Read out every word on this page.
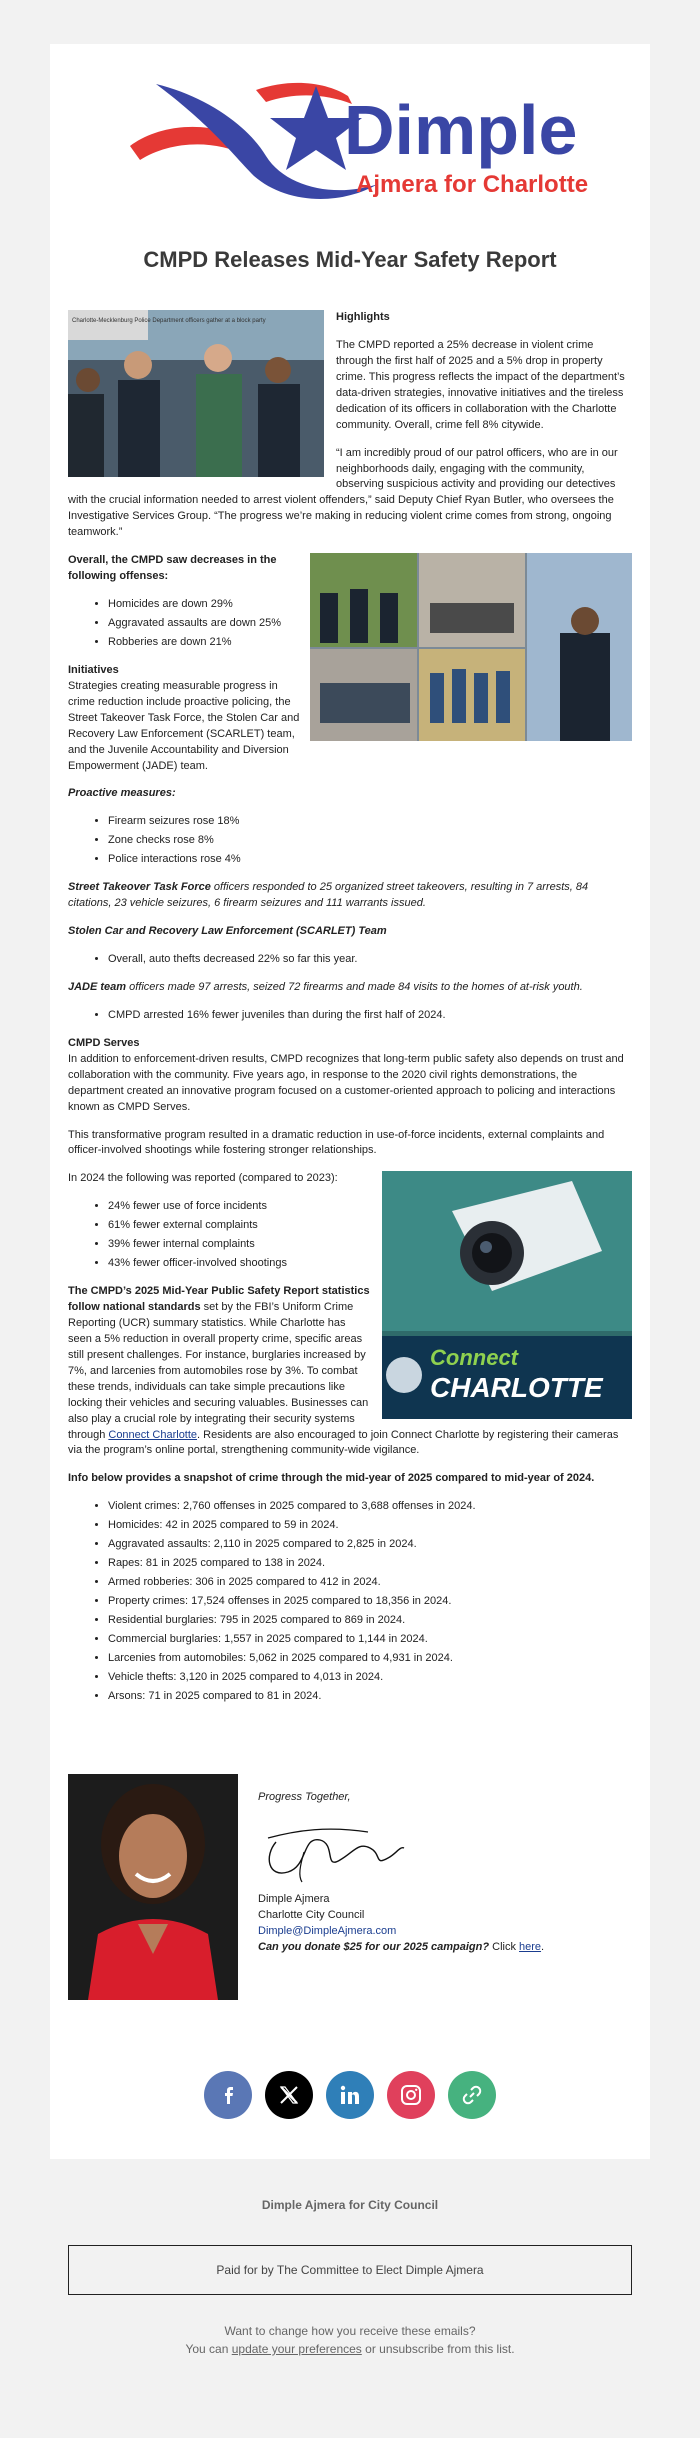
Dimple
Ajmera for Charlotte
CMPD Releases Mid-Year Safety Report
Charlotte-Mecklenburg Police Department officers gather at a block party	Highlights

The CMPD reported a 25% decrease in violent crime through the first half of 2025 and a 5% drop in property crime. This progress reflects the impact of the department’s data-driven strategies, innovative initiatives and the tireless dedication of its officers in collaboration with the Charlotte community. Overall, crime fell 8% citywide.

“I am incredibly proud of our patrol officers, who are in our neighborhoods daily, engaging with the community, observing suspicious activity and providing our detectives with the crucial information needed to arrest violent offenders,” said Deputy Chief Ryan Butler, who oversees the Investigative Services Group. “The progress we’re making in reducing violent crime comes from strong, ongoing teamwork.”

Overall, the CMPD saw decreases in the following offenses:

• Homicides are down 29%
• Aggravated assaults are down 25%
• Robberies are down 21%

Initiatives
Strategies creating measurable progress in crime reduction include proactive policing, the Street Takeover Task Force, the Stolen Car and Recovery Law Enforcement (SCARLET) team, and the Juvenile Accountability and Diversion Empowerment (JADE) team.

Proactive measures:

• Firearm seizures rose 18%
• Zone checks rose 8%
• Police interactions rose 4%

Street Takeover Task Force officers responded to 25 organized street takeovers, resulting in 7 arrests, 84 citations, 23 vehicle seizures, 6 firearm seizures and 111 warrants issued.

Stolen Car and Recovery Law Enforcement (SCARLET) Team

• Overall, auto thefts decreased 22% so far this year.

JADE team officers made 97 arrests, seized 72 firearms and made 84 visits to the homes of at-risk youth.

• CMPD arrested 16% fewer juveniles than during the first half of 2024.

CMPD Serves
In addition to enforcement-driven results, CMPD recognizes that long-term public safety also depends on trust and collaboration with the community. Five years ago, in response to the 2020 civil rights demonstrations, the department created an innovative program focused on a customer-oriented approach to policing and interactions known as CMPD Serves.

This transformative program resulted in a dramatic reduction in use-of-force incidents, external complaints and officer-involved shootings while fostering stronger relationships.

Connect
CHARLOTTE

In 2024 the following was reported (compared to 2023):

• 24% fewer use of force incidents
• 61% fewer external complaints
• 39% fewer internal complaints
• 43% fewer officer-involved shootings

The CMPD’s 2025 Mid-Year Public Safety Report statistics follow national standards set by the FBI’s Uniform Crime Reporting (UCR) summary statistics. While Charlotte has seen a 5% reduction in overall property crime, specific areas still present challenges. For instance, burglaries increased by 7%, and larcenies from automobiles rose by 3%. To combat these trends, individuals can take simple precautions like locking their vehicles and securing valuables. Businesses can also play a crucial role by integrating their security systems through Connect Charlotte. Residents are also encouraged to join Connect Charlotte by registering their cameras via the program’s online portal, strengthening community-wide vigilance.

Info below provides a snapshot of crime through the mid-year of 2025 compared to mid-year of 2024.

• Violent crimes: 2,760 offenses in 2025 compared to 3,688 offenses in 2024.
• Homicides: 42 in 2025 compared to 59 in 2024.
• Aggravated assaults: 2,110 in 2025 compared to 2,825 in 2024.
• Rapes: 81 in 2025 compared to 138 in 2024.
• Armed robberies: 306 in 2025 compared to 412 in 2024.
• Property crimes: 17,524 offenses in 2025 compared to 18,356 in 2024.
• Residential burglaries: 795 in 2025 compared to 869 in 2024.
• Commercial burglaries: 1,557 in 2025 compared to 1,144 in 2024.
• Larcenies from automobiles: 5,062 in 2025 compared to 4,931 in 2024.
• Vehicle thefts: 3,120 in 2025 compared to 4,013 in 2024.
• Arsons: 71 in 2025 compared to 81 in 2024.

Progress Together,

Dimple Ajmera

Charlotte City Council

Dimple@DimpleAjmera.com

Can you donate $25 for our 2025 campaign? Click here.

Dimple Ajmera for City Council
Paid for by The Committee to Elect Dimple Ajmera
Want to change how you receive these emails?
You can update your preferences or unsubscribe from this list.
